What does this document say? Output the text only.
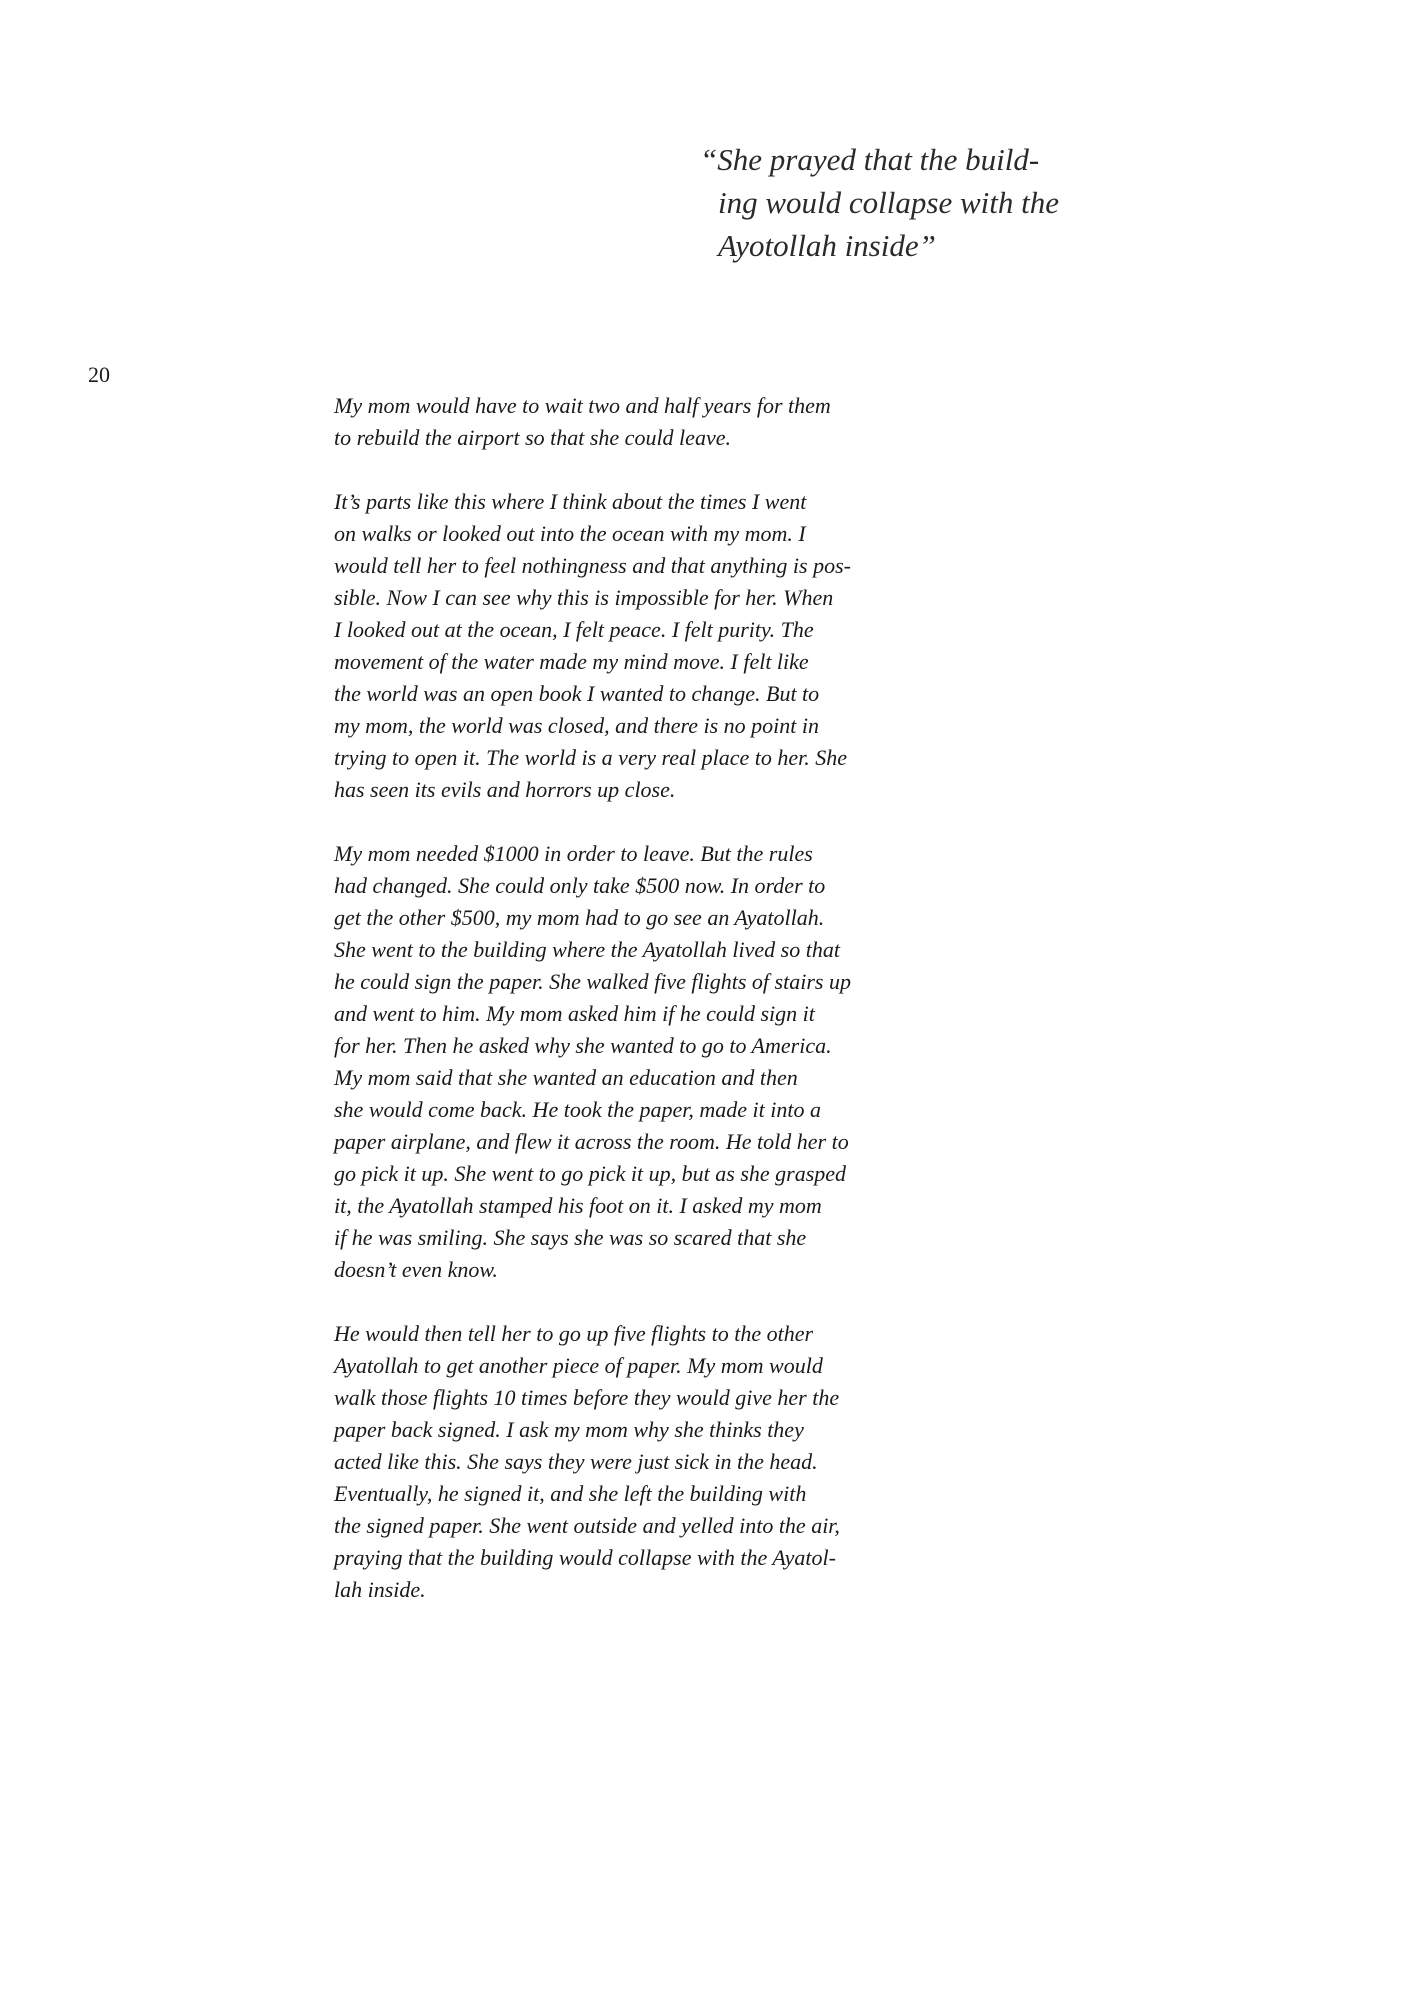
“She prayed that the build-
ing would collapse with the
Ayotollah inside”
20
My mom would have to wait two and half years for them
to rebuild the airport so that she could leave.
It’s parts like this where I think about the times I went
on walks or looked out into the ocean with my mom. I
would tell her to feel nothingness and that anything is pos-
sible. Now I can see why this is impossible for her. When
I looked out at the ocean, I felt peace. I felt purity. The
movement of the water made my mind move. I felt like
the world was an open book I wanted to change. But to
my mom, the world was closed, and there is no point in
trying to open it. The world is a very real place to her. She
has seen its evils and horrors up close.
My mom needed $1000 in order to leave. But the rules
had changed. She could only take $500 now. In order to
get the other $500, my mom had to go see an Ayatollah.
She went to the building where the Ayatollah lived so that
he could sign the paper. She walked five flights of stairs up
and went to him. My mom asked him if he could sign it
for her. Then he asked why she wanted to go to America.
My mom said that she wanted an education and then
she would come back. He took the paper, made it into a
paper airplane, and flew it across the room. He told her to
go pick it up. She went to go pick it up, but as she grasped
it, the Ayatollah stamped his foot on it. I asked my mom
if he was smiling. She says she was so scared that she
doesn’t even know.
He would then tell her to go up five flights to the other
Ayatollah to get another piece of paper. My mom would
walk those flights 10 times before they would give her the
paper back signed. I ask my mom why she thinks they
acted like this. She says they were just sick in the head.
Eventually, he signed it, and she left the building with
the signed paper. She went outside and yelled into the air,
praying that the building would collapse with the Ayatol-
lah inside.
